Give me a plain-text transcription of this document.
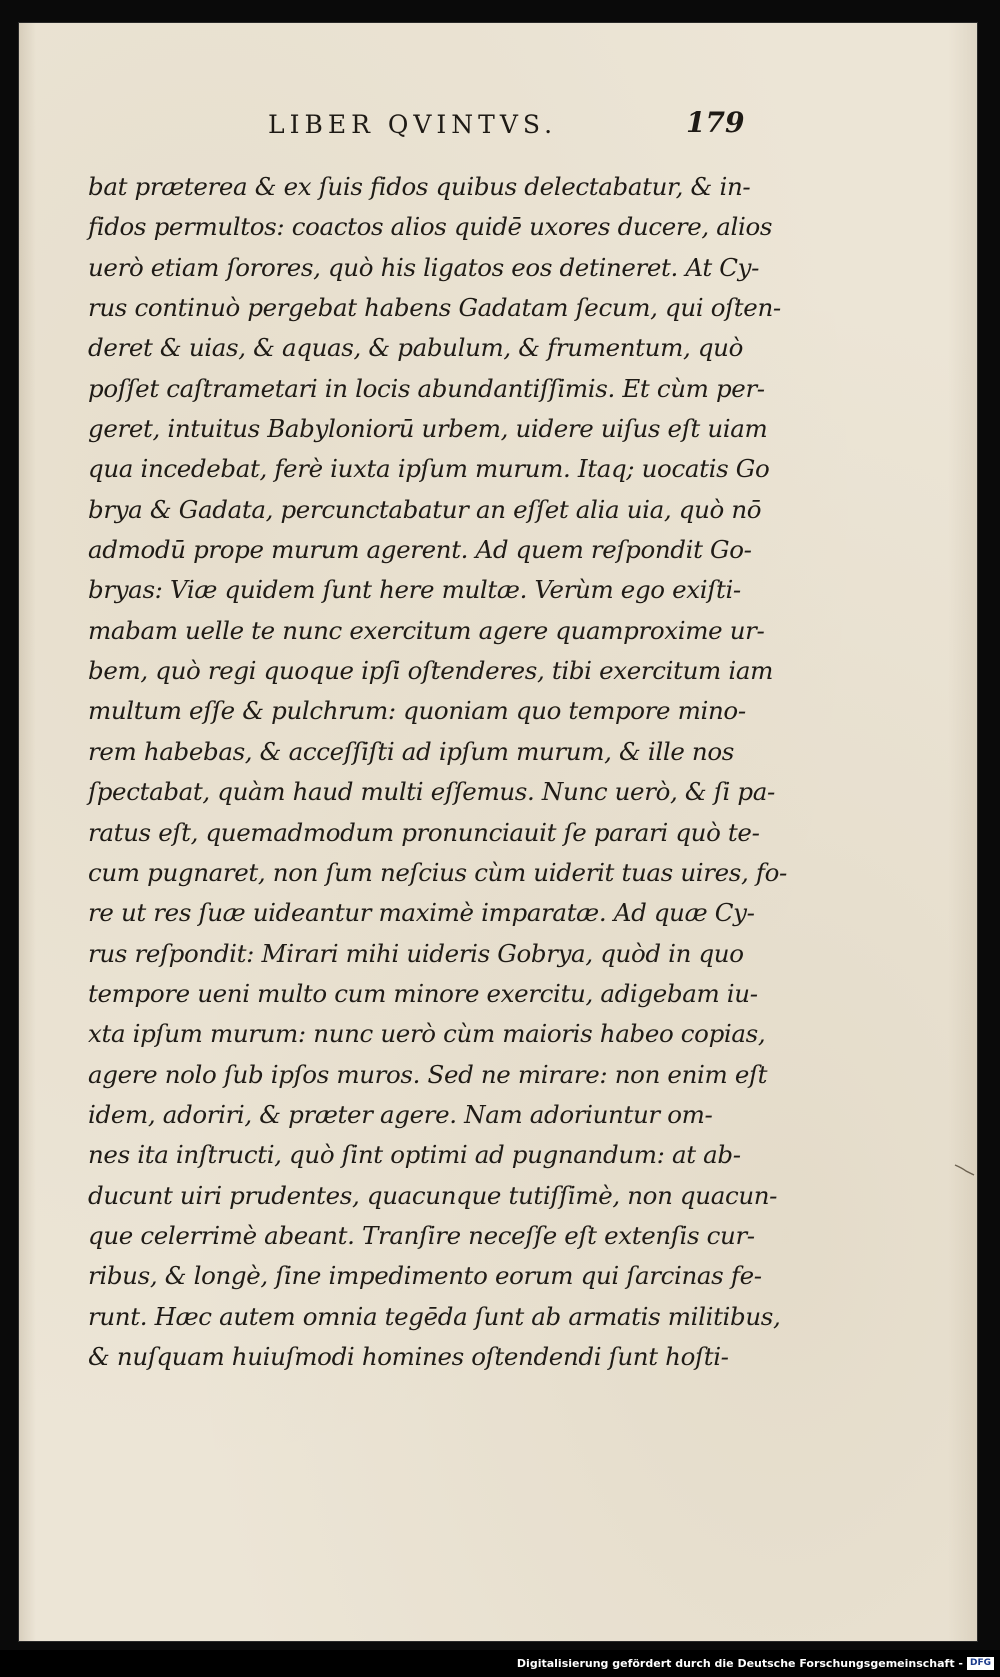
LIBER QVINTVS.	179
bat præterea & ex ſuis fidos quibus delectabatur, & in-
fidos permultos: coactos alios quidē uxores ducere, alios
uerò etiam ſorores, quò his ligatos eos detineret. At Cy-
rus continuò pergebat habens Gadatam ſecum, qui oſten-
deret & uias, & aquas, & pabulum, & frumentum, quò
poſſet caſtrametari in locis abundantiſſimis. Et cùm per-
geret, intuitus Babyloniorū urbem, uidere uiſus eſt uiam
qua incedebat, ferè iuxta ipſum murum. Itaq; uocatis Go
brya & Gadata, percunctabatur an eſſet alia uia, quò nō
admodū prope murum agerent. Ad quem reſpondit Go-
bryas: Viæ quidem ſunt here multæ. Verùm ego exiſti-
mabam uelle te nunc exercitum agere quamproxime ur-
bem, quò regi quoque ipſi oſtenderes, tibi exercitum iam
multum eſſe & pulchrum: quoniam quo tempore mino-
rem habebas, & acceſſiſti ad ipſum murum, & ille nos
ſpectabat, quàm haud multi eſſemus. Nunc uerò, & ſi pa-
ratus eſt, quemadmodum pronunciauit ſe parari quò te-
cum pugnaret, non ſum neſcius cùm uiderit tuas uires, fo-
re ut res ſuæ uideantur maximè imparatæ. Ad quæ Cy-
rus reſpondit: Mirari mihi uideris Gobrya, quòd in quo
tempore ueni multo cum minore exercitu, adigebam iu-
xta ipſum murum: nunc uerò cùm maioris habeo copias,
agere nolo ſub ipſos muros. Sed ne mirare: non enim eſt
idem, adoriri, & præter agere. Nam adoriuntur om-
nes ita inſtructi, quò ſint optimi ad pugnandum: at ab-
ducunt uiri prudentes, quacunque tutiſſimè, non quacun-
que celerrimè abeant. Tranſire neceſſe eſt extenſis cur-
ribus, & longè, ſine impedimento eorum qui ſarcinas fe-
runt. Hæc autem omnia tegēda ſunt ab armatis militibus,
& nuſquam huiuſmodi homines oſtendendi ſunt hoſti-
Digitalisierung gefördert durch die Deutsche Forschungsgemeinschaft - DFG
